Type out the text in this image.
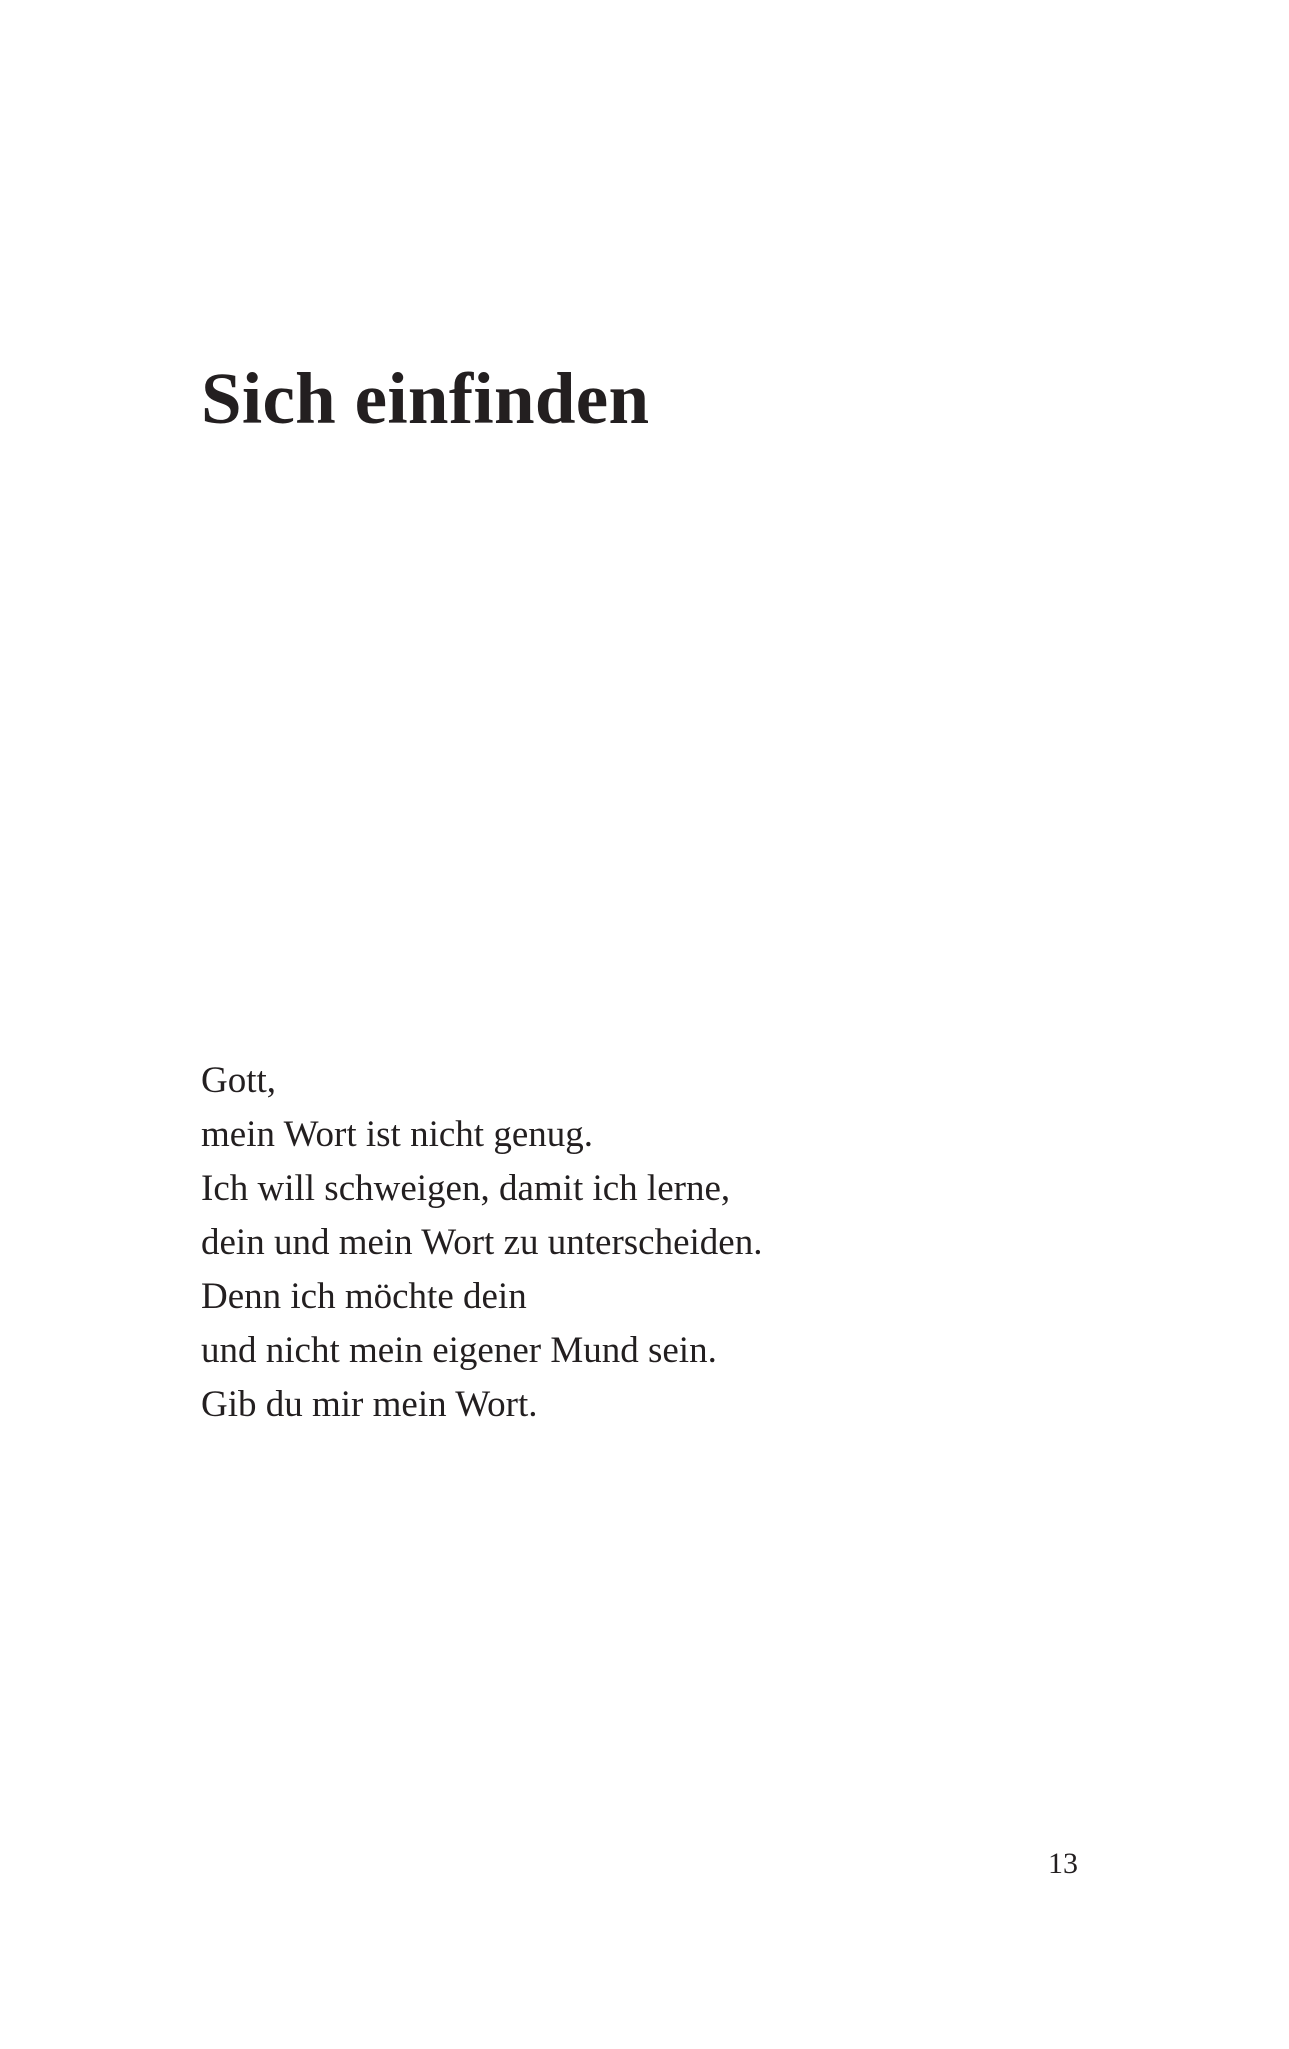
Sich einfinden
Gott,
mein Wort ist nicht genug.
Ich will schweigen, damit ich lerne,
dein und mein Wort zu unterscheiden.
Denn ich möchte dein
und nicht mein eigener Mund sein.
Gib du mir mein Wort.
13
